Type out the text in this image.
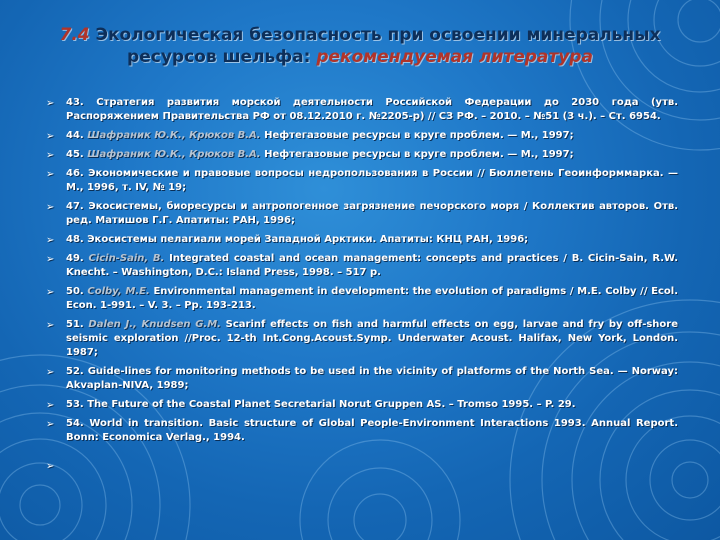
7.4 Экологическая безопасность при освоении минеральных ресурсов шельфа: рекомендуемая литература
➢ 43. Стратегия развития морской деятельности Российской Федерации до 2030 года (утв. Распоряжением Правительства РФ от 08.12.2010 г. №2205-р) // СЗ РФ. – 2010. – №51 (3 ч.). – Ст. 6954.
➢ 44. Шафраник Ю.К., Крюков В.А. Нефтегазовые ресурсы в круге проблем. — М., 1997;
➢ 45. Шафраник Ю.К., Крюков В.А. Нефтегазовые ресурсы в круге проблем. — М., 1997;
➢ 46. Экономические и правовые вопросы недропользования в России // Бюллетень Геоинформмарка. — М., 1996, т. IV, № 19;
➢ 47. Экосистемы, биоресурсы и антропогенное загрязнение печорского моря / Коллектив авторов. Отв. ред. Матишов Г.Г. Апатиты: РАН, 1996;
➢ 48. Экосистемы пелагиали морей Западной Арктики. Апатиты: КНЦ РАН, 1996;
➢ 49. Cicin-Sain, B. Integrated coastal and ocean management: concepts and practices / B. Cicin-Sain, R.W. Knecht. – Washington, D.C.: Island Press, 1998. – 517 p.
➢ 50. Colby, M.E. Environmental management in development: the evolution of paradigms / M.E. Colby // Ecol. Econ. 1-991. – V. 3. – Pp. 193-213.
➢ 51. Dalen J., Knudsen G.M. Scarinf effects on fish and harmful effects on egg, larvae and fry by off-shore seismic exploration //Proc. 12-th Int.Cong.Acoust.Symp. Underwater Acoust. Halifax, New York, London. 1987;
➢ 52. Guide-lines for monitoring methods to be used in the vicinity of platforms of the North Sea. — Norway: Akvaplan-NIVA, 1989;
➢ 53. The Future of the Coastal Planet Secretarial Norut Gruppen AS. – Tromso 1995. – P. 29.
➢ 54. World in transition. Basic structure of Global People-Environment Interactions 1993. Annual Report. Bonn: Economica Verlag., 1994.
➢
